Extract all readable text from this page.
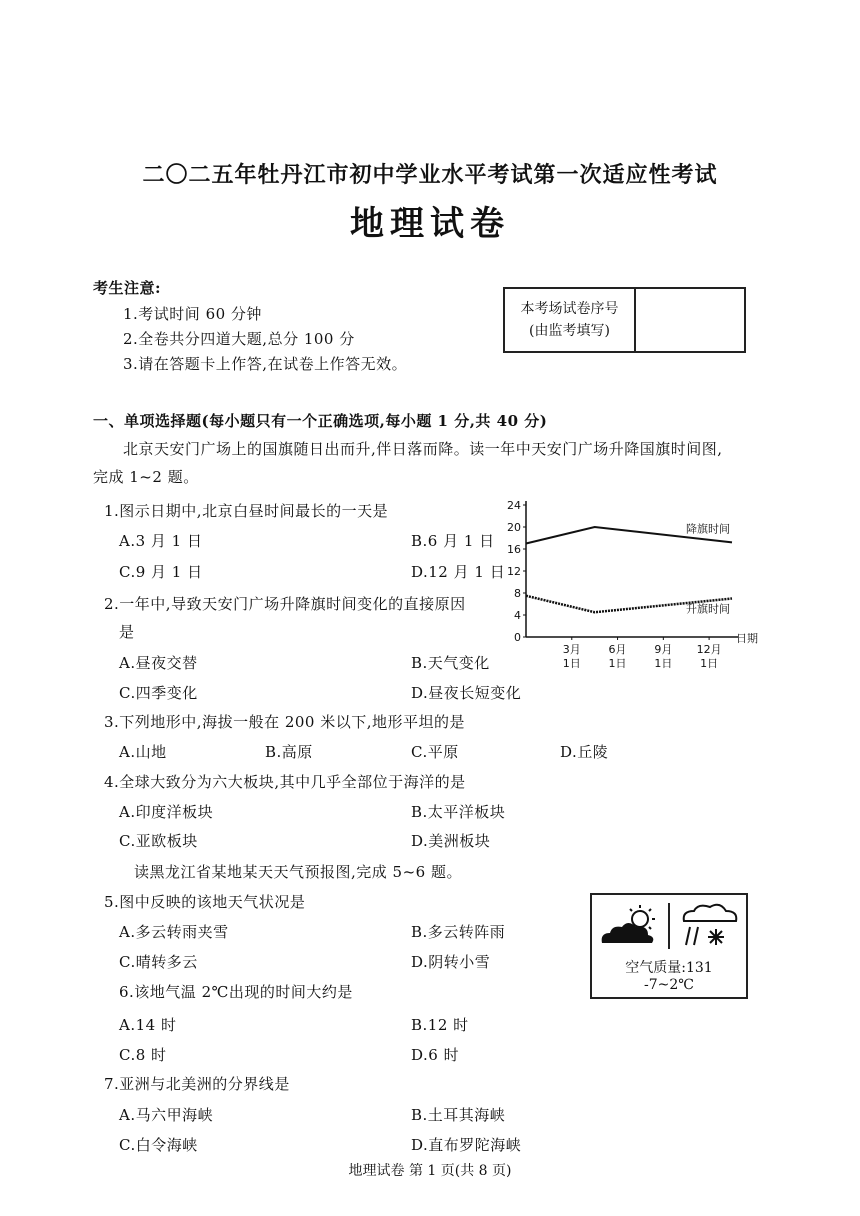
二〇二五年牡丹江市初中学业水平考试第一次适应性考试
地理试卷
考生注意:
1.考试时间 60 分钟
2.全卷共分四道大题,总分 100 分
3.请在答题卡上作答,在试卷上作答无效。
本考场试卷序号
(由监考填写)
一、单项选择题(每小题只有一个正确选项,每小题 1 分,共 40 分)
北京天安门广场上的国旗随日出而升,伴日落而降。读一年中天安门广场升降国旗时间图,
完成 1~2 题。
1.图示日期中,北京白昼时间最长的一天是
A.3 月 1 日	B.6 月 1 日
C.9 月 1 日	D.12 月 1 日
2.一年中,导致天安门广场升降旗时间变化的直接原因
是
A.昼夜交替	B.天气变化
C.四季变化	D.昼夜长短变化
3.下列地形中,海拔一般在 200 米以下,地形平坦的是
A.山地	B.高原	C.平原	D.丘陵
4.全球大致分为六大板块,其中几乎全部位于海洋的是
A.印度洋板块	B.太平洋板块
C.亚欧板块	D.美洲板块
读黑龙江省某地某天天气预报图,完成 5~6 题。
5.图中反映的该地天气状况是
A.多云转雨夹雪	B.多云转阵雨
C.晴转多云	D.阴转小雪
6.该地气温 2℃出现的时间大约是
A.14 时	B.12 时
C.8 时	D.6 时
7.亚洲与北美洲的分界线是
A.马六甲海峡	B.土耳其海峡
C.白令海峡	D.直布罗陀海峡
0
4
8
12
16
20
24
3月
1日
6月
1日
9月
1日
12月
1日
日期
降旗时间
升旗时间
空气质量:131
-7~2℃
地理试卷 第 1 页(共 8 页)
